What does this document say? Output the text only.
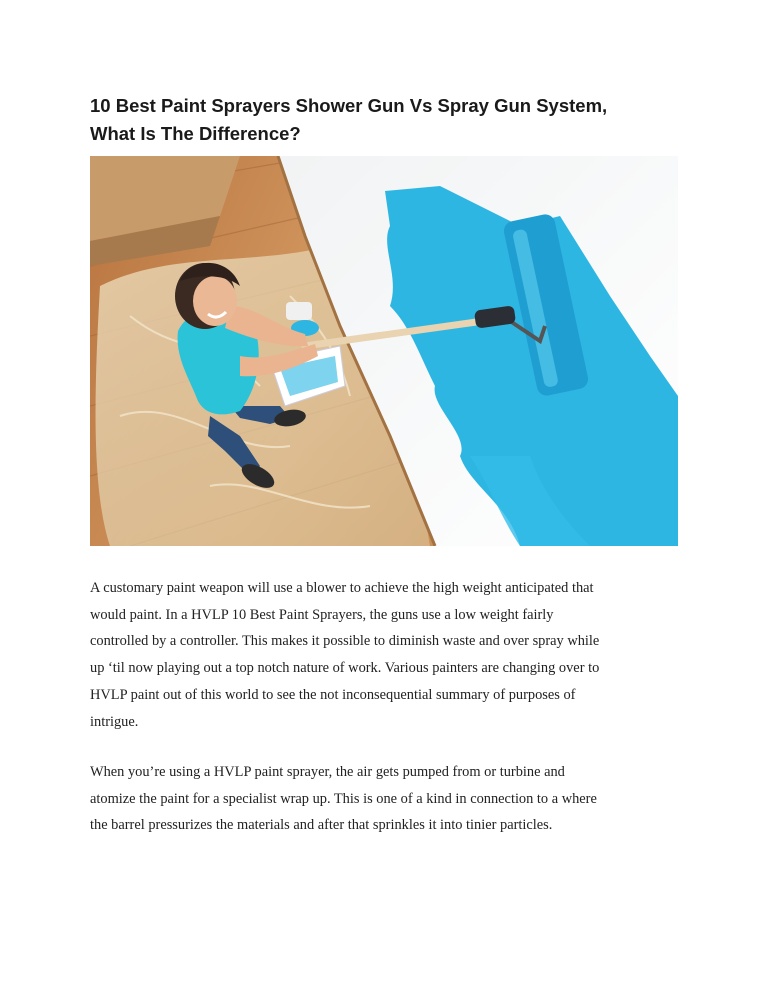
10 Best Paint Sprayers Shower Gun Vs Spray Gun System,
What Is The Difference?

A customary paint weapon will use a blower to achieve the high weight anticipated that
would paint. In a HVLP 10 Best Paint Sprayers, the guns use a low weight fairly
controlled by a controller. This makes it possible to diminish waste and over spray while
up ‘til now playing out a top notch nature of work. Various painters are changing over to
HVLP paint out of this world to see the not inconsequential summary of purposes of
intrigue.

When you’re using a HVLP paint sprayer, the air gets pumped from or turbine and
atomize the paint for a specialist wrap up. This is one of a kind in connection to a where
the barrel pressurizes the materials and after that sprinkles it into tinier particles.
